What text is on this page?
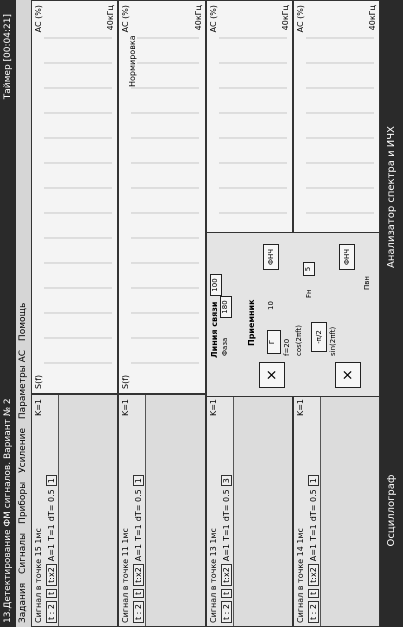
13.Детектирование ФМ сигналов. Вариант № 2
Таймер [00:04:21]
Задания Сигналы Приборы Усиление Параметры АС Помощь
Сигнал в точке 15 1мс
K=1
t : 2tt:x2A=1T=1dT= 0.51
Сигнал в точке 11 1мс
K=1
t : 2tt:x2A=1T=1dT= 0.51
Сигнал в точке 13 1мс
K=1
t : 2tt:x2A=1T=1dT= 0.53
Сигнал в точке 14 1мс
K=1
t : 2tt:x2A=1T=1dT= 0.51
S(f)
AC (%)	40кГц
S(f)
AC (%)	40кГц AC (%)	40кГц AC (%)	40кГц
Нормировка
Осциллограф
Анализатор спектра и ИЧХ
Линия связи Фаза
180
100
Приемник
×	×
Г	f=20 cos(2πft)	-π/2 sin(2πft)
ФНЧ	ФНЧ
Fн
5
10
Пвн
